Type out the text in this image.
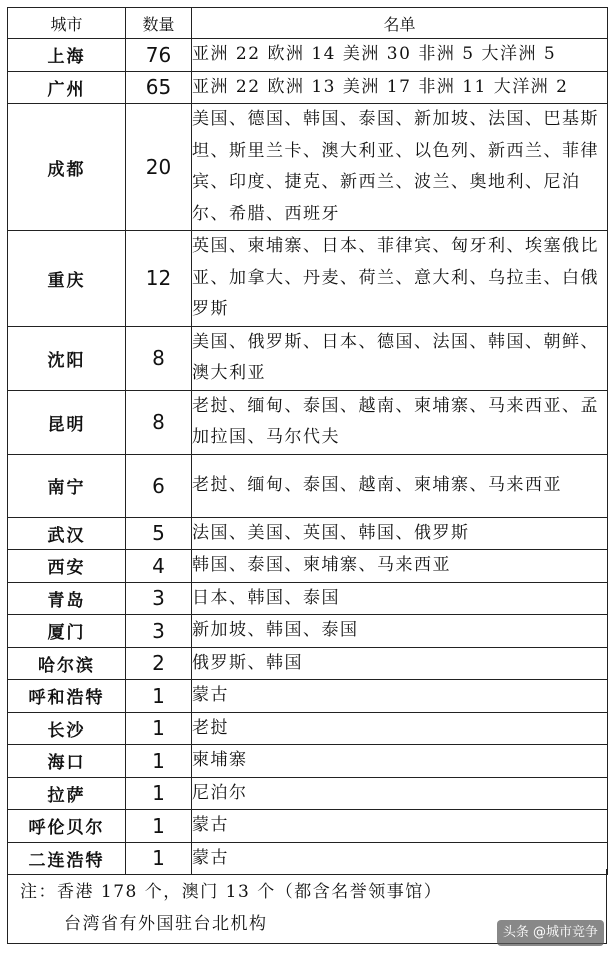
城市	数量	名单
上海	76	亚洲 22 欧洲 14 美洲 30 非洲 5 大洋洲 5
广州	65	亚洲 22 欧洲 13 美洲 17 非洲 11 大洋洲 2
成都	20	美国、德国、韩国、泰国、新加坡、法国、巴基斯坦、斯里兰卡、澳大利亚、以色列、新西兰、菲律宾、印度、捷克、新西兰、波兰、奥地利、尼泊尔、希腊、西班牙
重庆	12	英国、柬埔寨、日本、菲律宾、匈牙利、埃塞俄比亚、加拿大、丹麦、荷兰、意大利、乌拉圭、白俄罗斯
沈阳	8	美国、俄罗斯、日本、德国、法国、韩国、朝鲜、澳大利亚
昆明	8	老挝、缅甸、泰国、越南、柬埔寨、马来西亚、孟加拉国、马尔代夫
南宁	6	老挝、缅甸、泰国、越南、柬埔寨、马来西亚
武汉	5	法国、美国、英国、韩国、俄罗斯
西安	4	韩国、泰国、柬埔寨、马来西亚
青岛	3	日本、韩国、泰国
厦门	3	新加坡、韩国、泰国
哈尔滨	2	俄罗斯、韩国
呼和浩特	1	蒙古
长沙	1	老挝
海口	1	柬埔寨
拉萨	1	尼泊尔
呼伦贝尔	1	蒙古
二连浩特	1	蒙古
注：香港 178 个，澳门 13 个（都含名誉领事馆）
台湾省有外国驻台北机构	头条 @城市竞争
